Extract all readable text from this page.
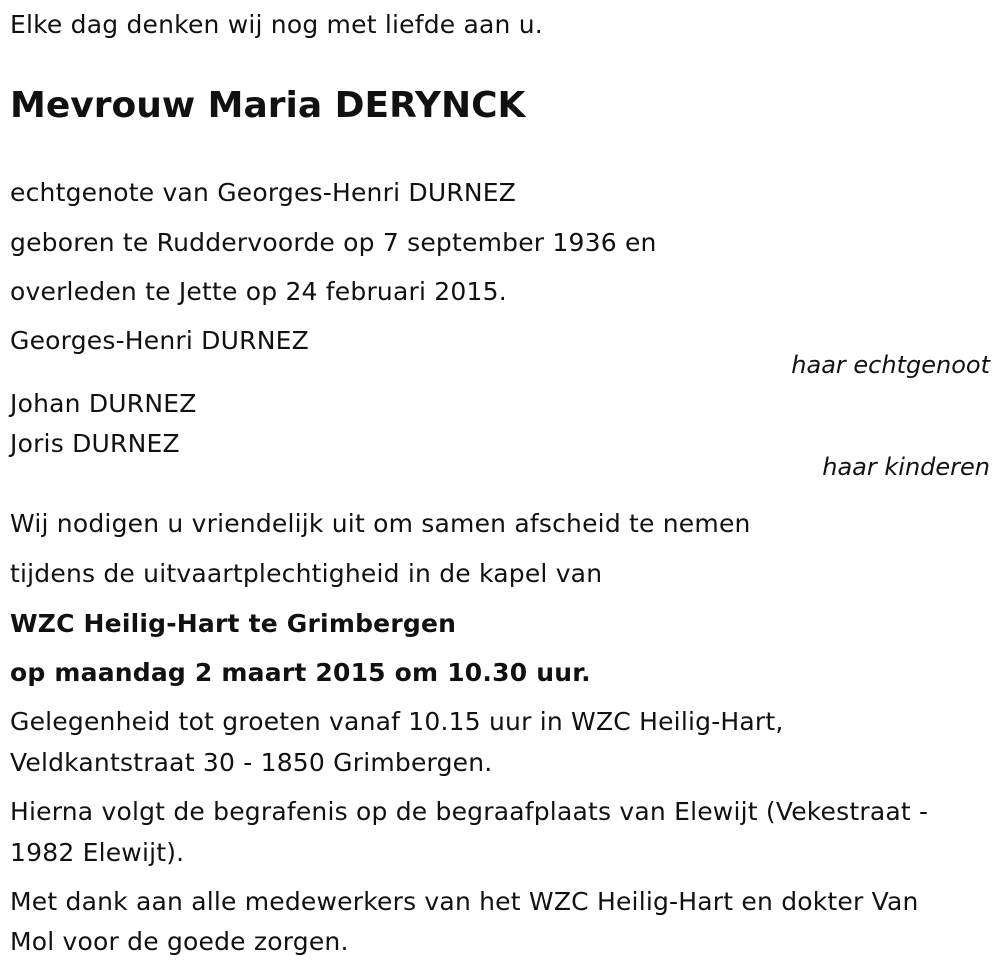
Elke dag denken wij nog met liefde aan u.
Mevrouw Maria DERYNCK
echtgenote van Georges-Henri DURNEZ
geboren te Ruddervoorde op 7 september 1936 en
overleden te Jette op 24 februari 2015.
Georges-Henri DURNEZ
haar echtgenoot
Johan DURNEZ
Joris DURNEZ
haar kinderen
Wij nodigen u vriendelijk uit om samen afscheid te nemen
tijdens de uitvaartplechtigheid in de kapel van
WZC Heilig-Hart te Grimbergen
op maandag 2 maart 2015 om 10.30 uur.
Gelegenheid tot groeten vanaf 10.15 uur in WZC Heilig-Hart,
Veldkantstraat 30 - 1850 Grimbergen.
Hierna volgt de begrafenis op de begraafplaats van Elewijt (Vekestraat -
1982 Elewijt).
Met dank aan alle medewerkers van het WZC Heilig-Hart en dokter Van
Mol voor de goede zorgen.
